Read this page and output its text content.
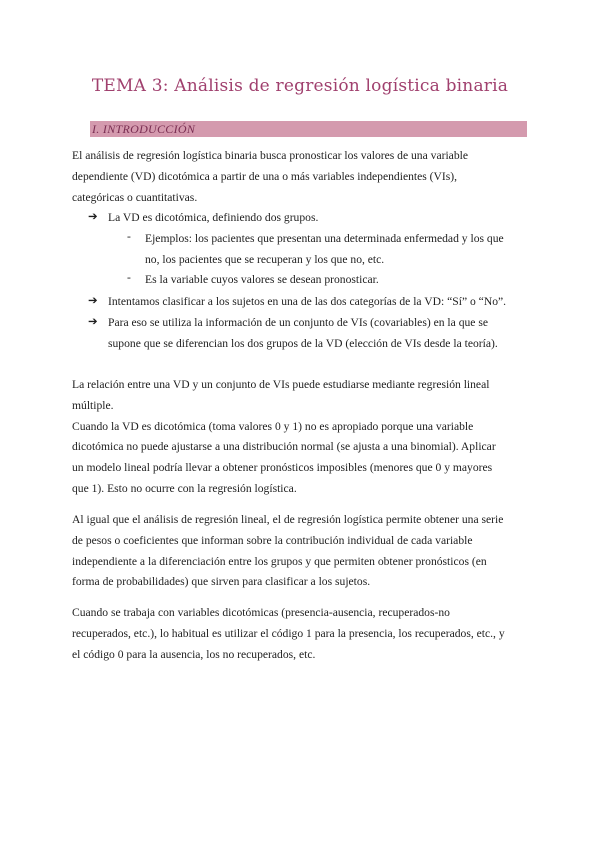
TEMA 3: Análisis de regresión logística binaria
I. INTRODUCCIÓN
El análisis de regresión logística binaria busca pronosticar los valores de una variable
dependiente (VD) dicotómica a partir de una o más variables independientes (VIs),
categóricas o cuantitativas.
➔ La VD es dicotómica, definiendo dos grupos.
- Ejemplos: los pacientes que presentan una determinada enfermedad y los que
no, los pacientes que se recuperan y los que no, etc.
- Es la variable cuyos valores se desean pronosticar.
➔ Intentamos clasificar a los sujetos en una de las dos categorías de la VD: “Sí” o “No”.
➔ Para eso se utiliza la información de un conjunto de VIs (covariables) en la que se
supone que se diferencian los dos grupos de la VD (elección de VIs desde la teoría).
La relación entre una VD y un conjunto de VIs puede estudiarse mediante regresión lineal
múltiple.
Cuando la VD es dicotómica (toma valores 0 y 1) no es apropiado porque una variable
dicotómica no puede ajustarse a una distribución normal (se ajusta a una binomial). Aplicar
un modelo lineal podría llevar a obtener pronósticos imposibles (menores que 0 y mayores
que 1). Esto no ocurre con la regresión logística.
Al igual que el análisis de regresión lineal, el de regresión logística permite obtener una serie
de pesos o coeficientes que informan sobre la contribución individual de cada variable
independiente a la diferenciación entre los grupos y que permiten obtener pronósticos (en
forma de probabilidades) que sirven para clasificar a los sujetos.
Cuando se trabaja con variables dicotómicas (presencia-ausencia, recuperados-no
recuperados, etc.), lo habitual es utilizar el código 1 para la presencia, los recuperados, etc., y
el código 0 para la ausencia, los no recuperados, etc.
